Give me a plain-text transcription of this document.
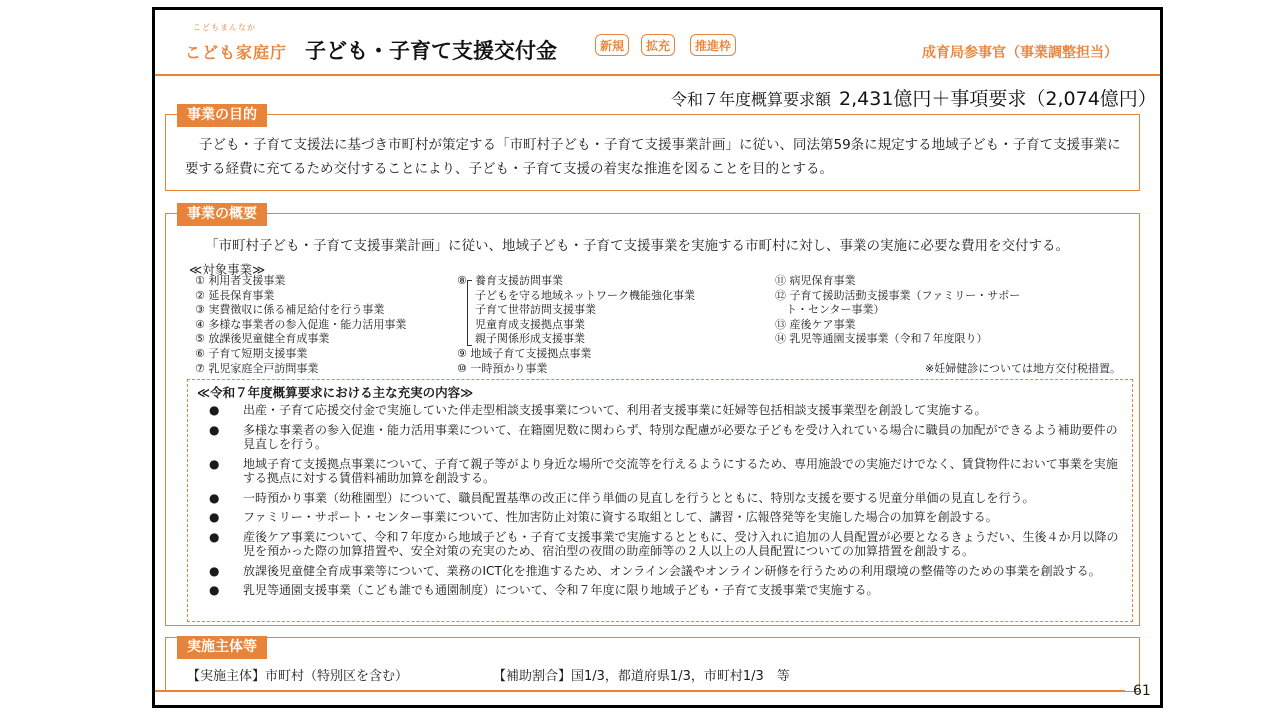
こどもまんなか
こども家庭庁 子ども・子育て支援交付金	新規	拡充	推進枠	成育局参事官（事業調整担当）
令和７年度概算要求額 2,431億円＋事項要求（2,074億円）
事業の目的
子ども・子育て支援法に基づき市町村が策定する「市町村子ども・子育て支援事業計画」に従い、同法第59条に規定する地域子ども・子育て支援事業に要する経費に充てるため交付することにより、子ども・子育て支援の着実な推進を図ることを目的とする。
事業の概要
「市町村子ども・子育て支援事業計画」に従い、地域子ども・子育て支援事業を実施する市町村に対し、事業の実施に必要な費用を交付する。
≪対象事業≫
① 利用者支援事業
② 延長保育事業
③ 実費徴収に係る補足給付を行う事業
④ 多様な事業者の参入促進・能力活用事業
⑤ 放課後児童健全育成事業
⑥ 子育て短期支援事業
⑦ 乳児家庭全戸訪問事業
⑧ 養育支援訪問事業
子どもを守る地域ネットワーク機能強化事業
子育て世帯訪問支援事業
児童育成支援拠点事業
親子関係形成支援事業
⑨ 地域子育て支援拠点事業
⑩ 一時預かり事業
⑪ 病児保育事業
⑫ 子育て援助活動支援事業（ファミリー・サポー
　ト・センター事業）
⑬ 産後ケア事業
⑭ 乳児等通園支援事業（令和７年度限り）
※妊婦健診については地方交付税措置。
≪令和７年度概算要求における主な充実の内容≫
● 出産・子育て応援交付金で実施していた伴走型相談支援事業について、利用者支援事業に妊婦等包括相談支援事業型を創設して実施する。
● 多様な事業者の参入促進・能力活用事業について、在籍園児数に関わらず、特別な配慮が必要な子どもを受け入れている場合に職員の加配ができるよう補助要件の見直しを行う。
● 地域子育て支援拠点事業について、子育て親子等がより身近な場所で交流等を行えるようにするため、専用施設での実施だけでなく、賃貸物件において事業を実施する拠点に対する賃借料補助加算を創設する。
● 一時預かり事業（幼稚園型）について、職員配置基準の改正に伴う単価の見直しを行うとともに、特別な支援を要する児童分単価の見直しを行う。
● ファミリー・サポート・センター事業について、性加害防止対策に資する取組として、講習・広報啓発等を実施した場合の加算を創設する。
● 産後ケア事業について、令和７年度から地域子ども・子育て支援事業で実施するとともに、受け入れに追加の人員配置が必要となるきょうだい、生後４か月以降の児を預かった際の加算措置や、安全対策の充実のため、宿泊型の夜間の助産師等の２人以上の人員配置についての加算措置を創設する。
● 放課後児童健全育成事業等について、業務のICT化を推進するため、オンライン会議やオンライン研修を行うための利用環境の整備等のための事業を創設する。
● 乳児等通園支援事業（こども誰でも通園制度）について、令和７年度に限り地域子ども・子育て支援事業で実施する。
実施主体等
【実施主体】市町村（特別区を含む）	【補助割合】国1/3，都道府県1/3，市町村1/3　等
61
